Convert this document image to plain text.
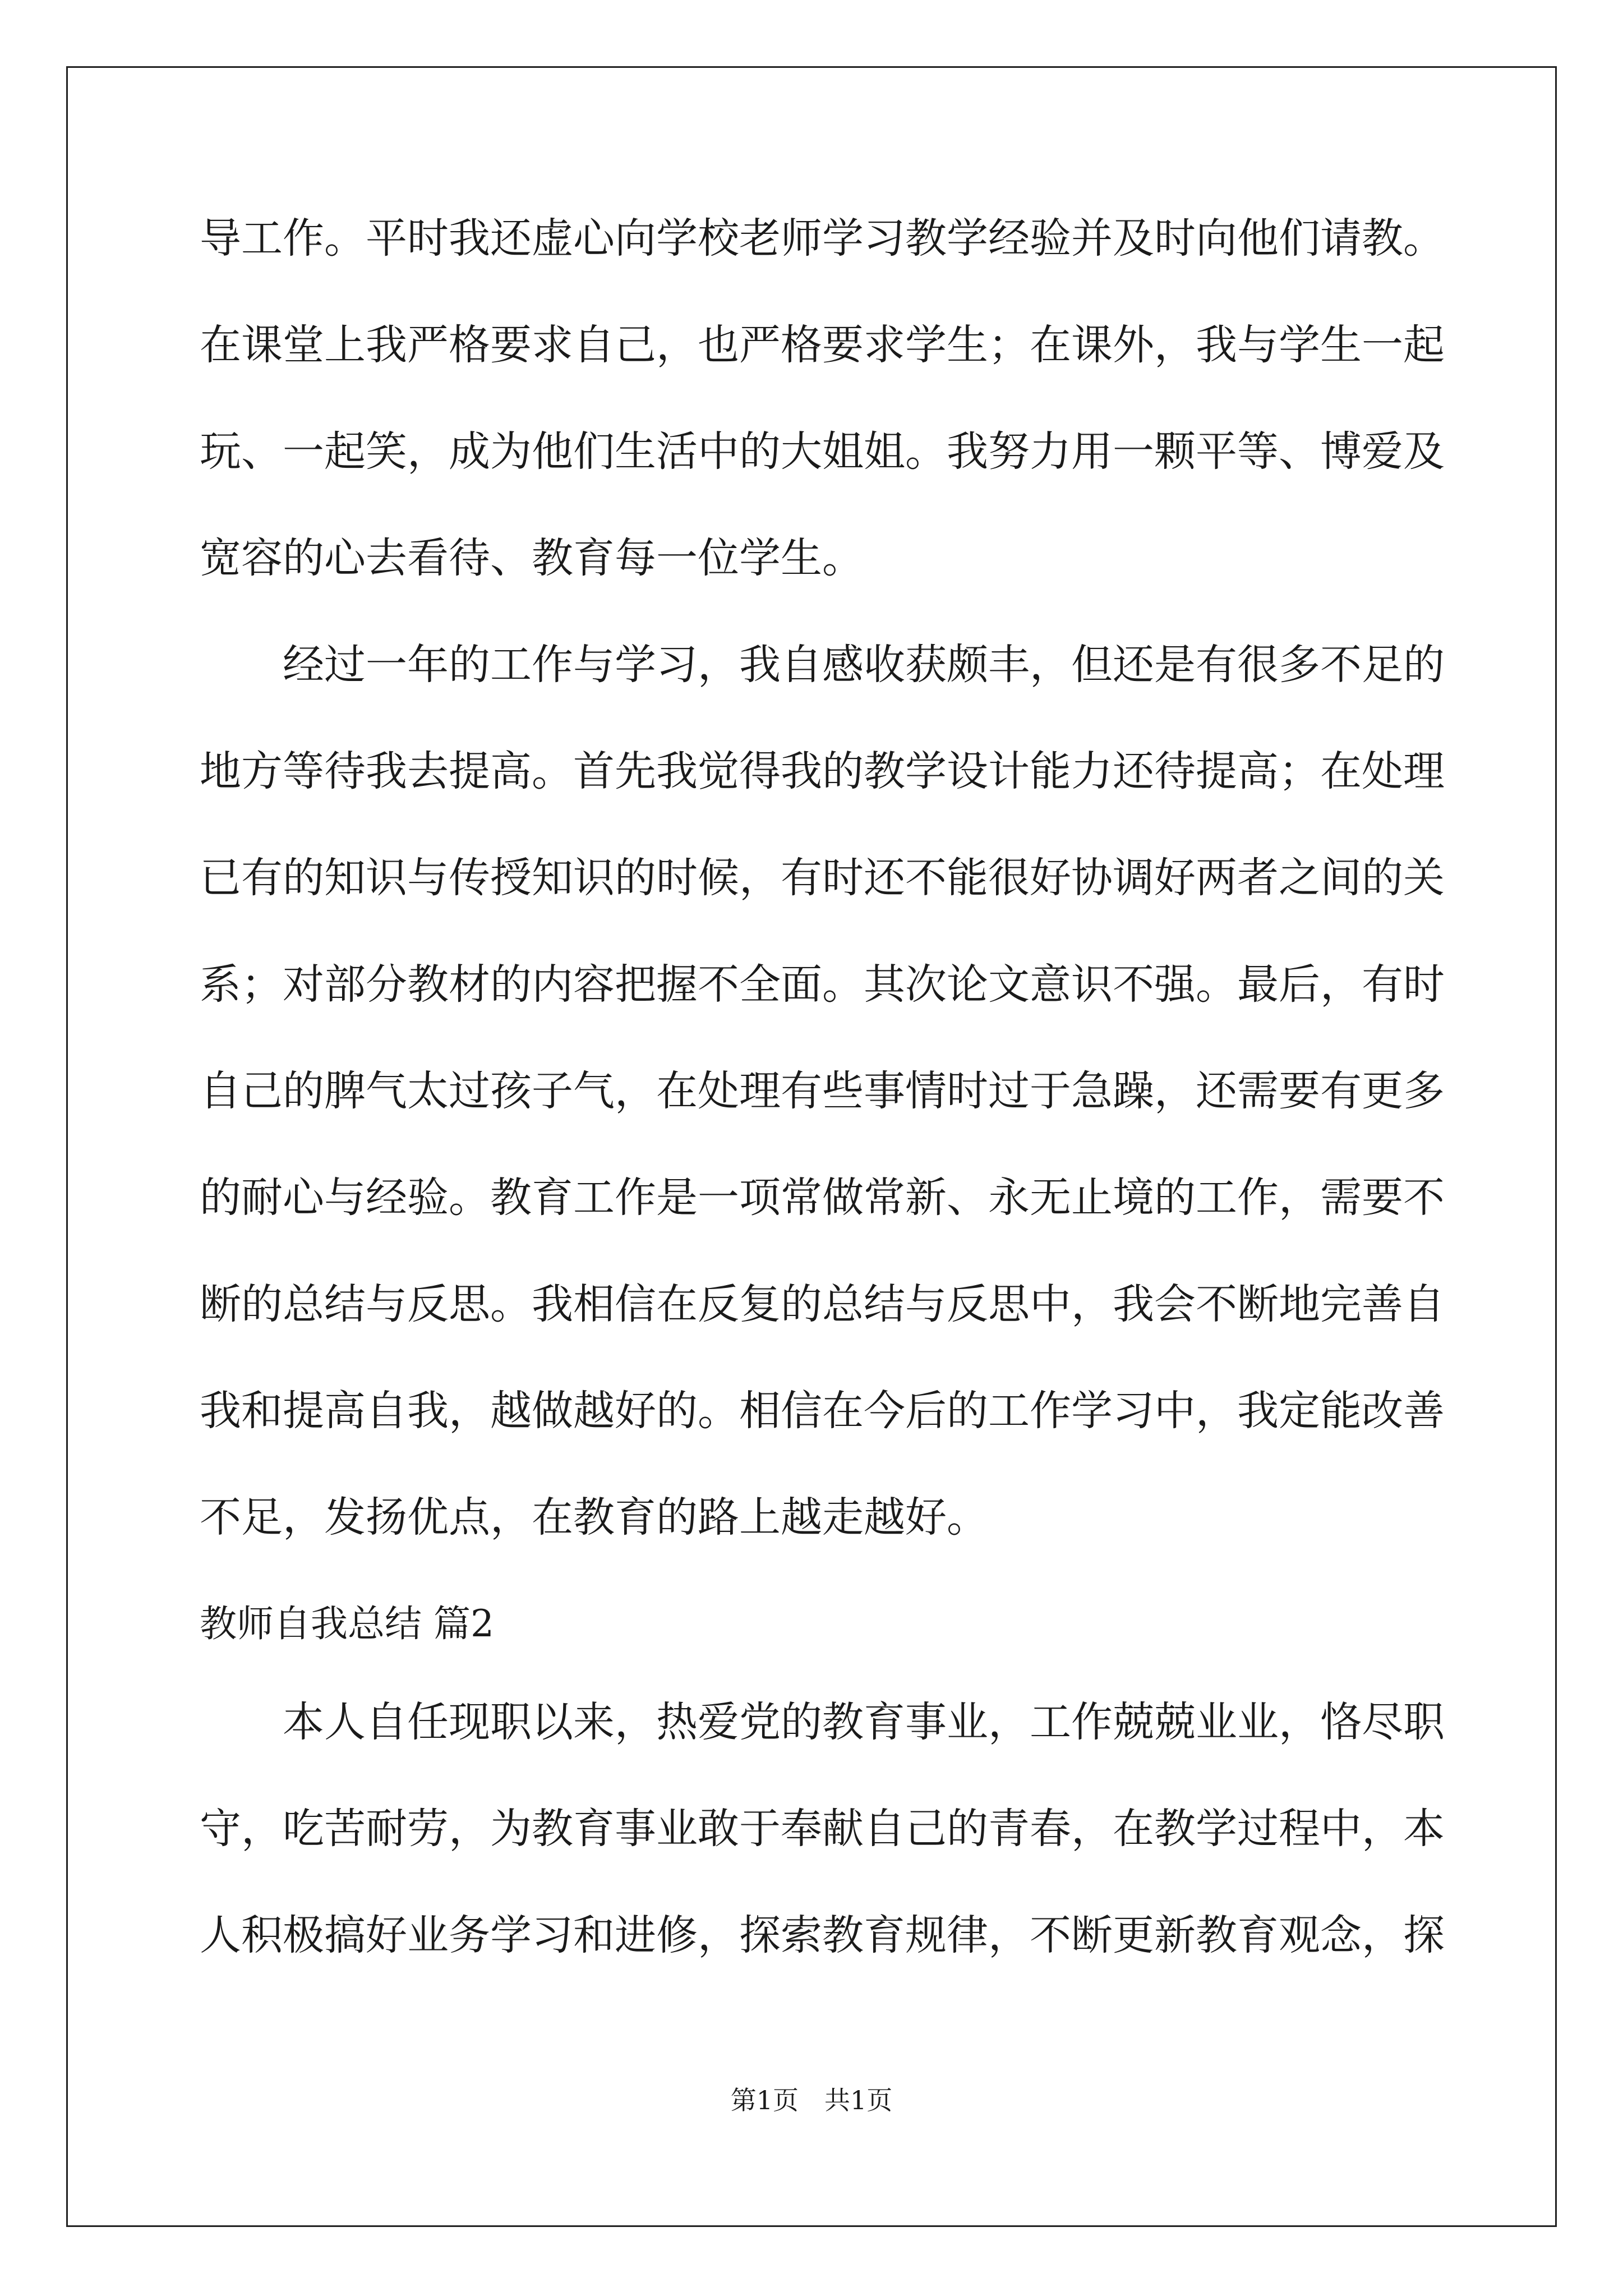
导工作。平时我还虚心向学校老师学习教学经验并及时向他们请教。
在课堂上我严格要求自己，也严格要求学生；在课外，我与学生一起
玩、一起笑，成为他们生活中的大姐姐。我努力用一颗平等、博爱及
宽容的心去看待、教育每一位学生。
经过一年的工作与学习，我自感收获颇丰，但还是有很多不足的
地方等待我去提高。首先我觉得我的教学设计能力还待提高；在处理
已有的知识与传授知识的时候，有时还不能很好协调好两者之间的关
系；对部分教材的内容把握不全面。其次论文意识不强。最后，有时
自己的脾气太过孩子气，在处理有些事情时过于急躁，还需要有更多
的耐心与经验。教育工作是一项常做常新、永无止境的工作，需要不
断的总结与反思。我相信在反复的总结与反思中，我会不断地完善自
我和提高自我，越做越好的。相信在今后的工作学习中，我定能改善
不足，发扬优点，在教育的路上越走越好。
教师自我总结 篇2
本人自任现职以来，热爱党的教育事业，工作兢兢业业，恪尽职
守，吃苦耐劳，为教育事业敢于奉献自己的青春，在教学过程中，本
人积极搞好业务学习和进修，探索教育规律，不断更新教育观念，探
第1页　共1页
